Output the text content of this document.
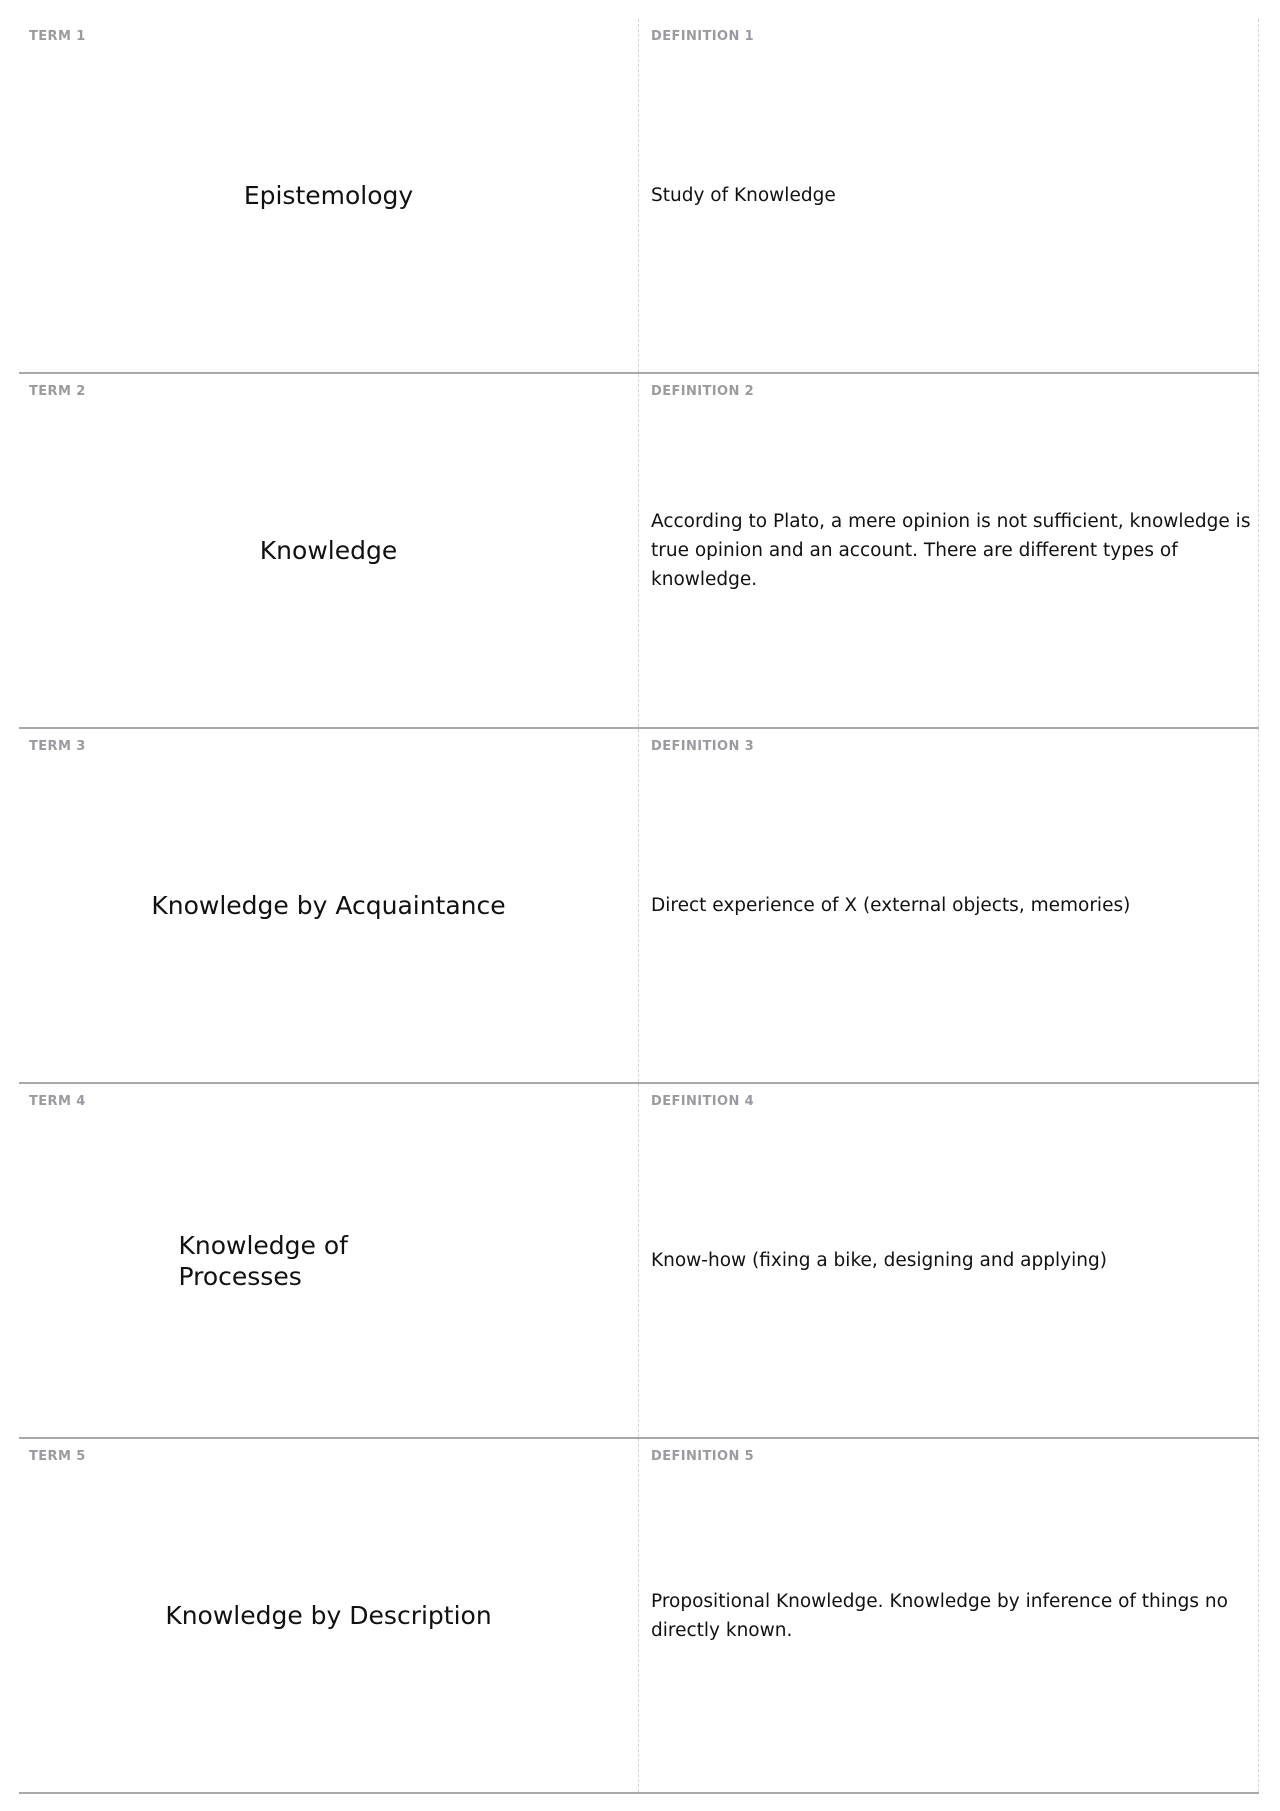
TERM 1
Epistemology
DEFINITION 1
Study of Knowledge
TERM 2
Knowledge
DEFINITION 2
According to Plato, a mere opinion is not sufficient, knowledge is true opinion and an account. There are different types of knowledge.
TERM 3
Knowledge by Acquaintance
DEFINITION 3
Direct experience of X (external objects, memories)
TERM 4
Knowledge of Processes
DEFINITION 4
Know-how (fixing a bike, designing and applying)
TERM 5
Knowledge by Description
DEFINITION 5
Propositional Knowledge. Knowledge by inference of things no directly known.
